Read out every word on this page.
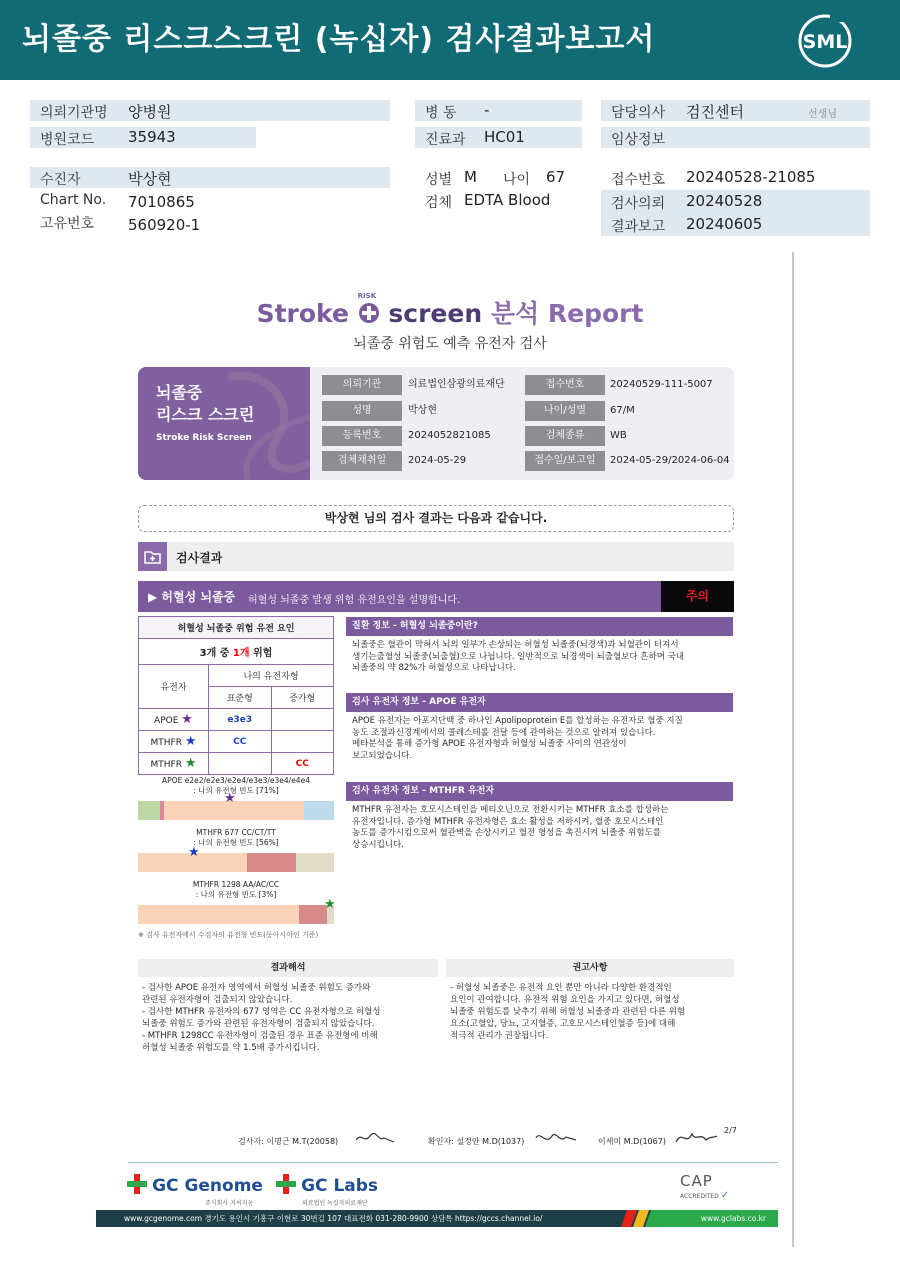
뇌졸중 리스크스크린 (녹십자) 검사결과보고서	SML
의뢰기관명 양병원
병원코드 35943
병 동 -
진료과 HC01
담당의사 검진센터	선생님
임상정보
수진자	박상현
Chart No. 7010865
고유번호 560920-1
성별 M 나이 67
검체 EDTA Blood
접수번호 20240528-21085
검사의뢰 20240528
결과보고 20240605
Stroke
RISK
screen 분석 Report
뇌졸중 위험도 예측 유전자 검사
뇌졸중
리스크 스크린
Stroke Risk Screen
의뢰기관	의료법인삼광의료재단	접수번호	20240529-111-5007
성명	박상현	나이/성별	67/M
등록번호	2024052821085	검체종류	WB
검체채취일	2024-05-29	접수일/보고일	2024-05-29/2024-06-04
박상현 님의 검사 결과는 다음과 같습니다.
검사결과
▶ 허혈성 뇌졸중 허혈성 뇌졸중 발생 위험 유전요인을 설명합니다.	주의
허혈성 뇌졸중 위험 유전 요인		
3개 중 1개 위험		
유전자	나의 유전자형	
	표준형	증가형
APOE ★	e3e3	
MTHFR ★	CC	
MTHFR ★		CC
APOE e2e2/e2e3/e2e4/e3e3/e3e4/e4e4
: 나의 유전형 빈도 [71%]
★
MTHFR 677 CC/CT/TT
: 나의 유전형 빈도 [56%]
★
MTHFR 1298 AA/AC/CC
: 나의 유전형 빈도 [3%]
★
※ 검사 유전자에서 수검자의 유전형 빈도(동아시아인 기준)
질환 정보 - 허혈성 뇌졸중이란?
뇌졸중은 혈관이 막혀서 뇌의 일부가 손상되는 허혈성 뇌졸중(뇌경색)과 뇌혈관이 터져서
생기는출혈성 뇌졸중(뇌출혈)으로 나뉩니다. 일반적으로 뇌경색이 뇌출혈보다 흔하며 국내
뇌졸중의 약 82%가 허혈성으로 나타납니다.
검사 유전자 정보 - APOE 유전자
APOE 유전자는 아포지단백 중 하나인 Apolipoprotein E를 합성하는 유전자로 혈중 지질
농도 조절과신경계에서의 콜레스테롤 전달 등에 관여하는 것으로 알려져 있습니다.
메타분석을 통해 증가형 APOE 유전자형과 허혈성 뇌졸중 사이의 연관성이
보고되었습니다.
검사 유전자 정보 - MTHFR 유전자
MTHFR 유전자는 호모시스테인을 메티오닌으로 전환시키는 MTHFR 효소를 합성하는
유전자입니다. 증가형 MTHFR 유전자형은 효소 활성을 저하시켜, 혈중 호모시스테인
농도를 증가시킴으로써 혈관벽을 손상시키고 혈전 형성을 촉진시켜 뇌졸중 위험도를
상승시킵니다.
결과해석
- 검사한 APOE 유전자 영역에서 허혈성 뇌졸중 위험도 증가와
관련된 유전자형이 검출되지 않았습니다.
- 검사한 MTHFR 유전자의 677 영역은 CC 유전자형으로 허혈성
뇌졸중 위험도 증가와 관련된 유전자형이 검출되지 않았습니다.
- MTHFR 1298CC 유전자형이 검출된 경우 표준 유전형에 비해
허혈성 뇌졸중 위험도를 약 1.5배 증가시킵니다.
권고사항
- 허혈성 뇌졸중은 유전적 요인 뿐만 아니라 다양한 환경적인
요인이 관여합니다. 유전적 위험 요인을 가지고 있다면, 허혈성
뇌졸중 위험도를 낮추기 위해 허혈성 뇌졸중과 관련된 다른 위험
요소(고혈압, 당뇨, 고지혈증, 고호모시스테인혈증 등)에 대해
적극적 관리가 권장됩니다.
검사자: 이명근 M.T(20058)	확인자: 설정안 M.D(1037)	이세미 M.D(1067)
2/7
GC Genome
주식회사 지씨지놈
GC Labs
의료법인 녹십자의료재단
CAP
ACCREDITED ✓
www.gcgenome.com 경기도 용인시 기흥구 이현로 30번길 107 대표전화 031-280-9900 상담톡 https://gccs.channel.io/	www.gclabs.co.kr
